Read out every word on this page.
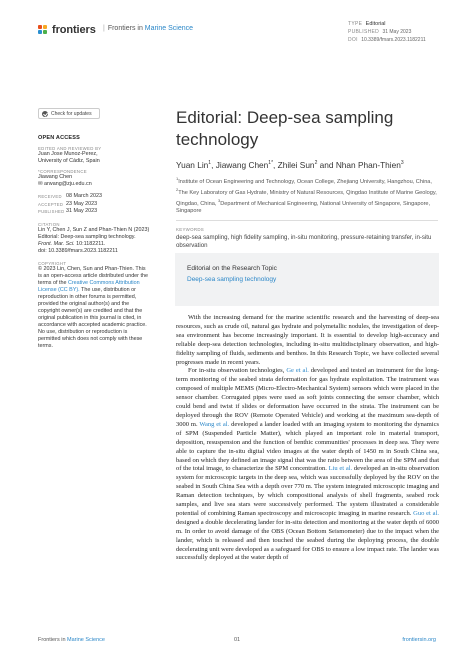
frontiers | Frontiers in Marine Science
TYPE Editorial
PUBLISHED 31 May 2023
DOI 10.3389/fmars.2023.1182211
Check for updates
OPEN ACCESS
EDITED AND REVIEWED BY
Juan Jose Munoz-Perez,
University of Cádiz, Spain
*CORRESPONDENCE
Jiawang Chen
✉ arwang@zju.edu.cn
RECEIVED 08 March 2023
ACCEPTED 23 May 2023
PUBLISHED 31 May 2023
CITATION
Lin Y, Chen J, Sun Z and Phan-Thien N (2023) Editorial: Deep-sea sampling technology. Front. Mar. Sci. 10:1182211.
doi: 10.3389/fmars.2023.1182211
COPYRIGHT
© 2023 Lin, Chen, Sun and Phan-Thien. This is an open-access article distributed under the terms of the Creative Commons Attribution License (CC BY). The use, distribution or reproduction in other forums is permitted, provided the original author(s) and the copyright owner(s) are credited and that the original publication in this journal is cited, in accordance with accepted academic practice. No use, distribution or reproduction is permitted which does not comply with these terms.
Editorial: Deep-sea sampling technology
Yuan Lin$^1$, Jiawang Chen$^{1*}$, Zhilei Sun$^2$ and Nhan Phan-Thien$^3$
$^1$Institute of Ocean Engineering and Technology, Ocean College, Zhejiang University, Hangzhou, China, $^2$The Key Laboratory of Gas Hydrate, Ministry of Natural Resources, Qingdao Institute of Marine Geology, Qingdao, China, $^3$Department of Mechanical Engineering, National University of Singapore, Singapore, Singapore
KEYWORDS
deep-sea sampling, high fidelity sampling, in-situ monitoring, pressure-retaining transfer, in-situ observation
Editorial on the Research Topic
Deep-sea sampling technology

With the increasing demand for the marine scientific research and the harvesting of deep-sea resources, such as crude oil, natural gas hydrate and polymetallic nodules, the investigation of deep-sea environment has become increasingly important. It is essential to develop high-accuracy and reliable deep-sea detection technologies, including in-situ multidisciplinary observation, and high-fidelity sampling of fluids, sediments and benthos. In this Research Topic, we have collected several progresses made in recent years.

For in-situ observation technologies, Ge et al. developed and tested an instrument for the long-term monitoring of the seabed strata deformation for gas hydrate exploitation. The instrument was composed of multiple MEMS (Micro-Electro-Mechanical System) sensors which were placed in the sensor chamber. Corrugated pipes were used as soft joints connecting the sensor chamber, which could bend and twist if slides or deformation have occurred in the strata. The instrument can be deployed through the ROV (Remote Operated Vehicle) and working at the maximum sea-depth of 3000 m. Wang et al. developed a lander loaded with an imaging system to monitoring the dynamics of SPM (Suspended Particle Matter), which played an important role in material transport, deposition, resuspension and the function of benthic communities' processes in deep sea. They were able to capture the in-situ digital video images at the water depth of 1450 m in South China sea, based on which they defined an image signal that was the ratio between the area of the SPM and that of the total image, to characterize the SPM concentration. Liu et al. developed an in-situ observation system for microscopic targets in the deep sea, which was successfully deployed by the ROV on the seabed in South China Sea with a depth over 770 m. The system integrated microscopic imaging and Raman detection techniques, by which compositional analysis of shell fragments, seabed rock samples, and live sea stars were successively performed. The system illustrated a considerable potential of combining Raman spectroscopy and microscopic imaging in marine research. Guo et al. designed a double decelerating lander for in-situ detection and monitoring at the water depth of 6000 m. In order to avoid damage of the OBS (Ocean Bottom Seismometer) due to the impact when the lander, which is released and then touched the seabed during the deploying process, the double decelerating unit were developed as a safeguard for OBS to ensure a low impact rate. The lander was successfully deployed at the water depth of

Frontiers in Marine Science	01	frontiersin.org
